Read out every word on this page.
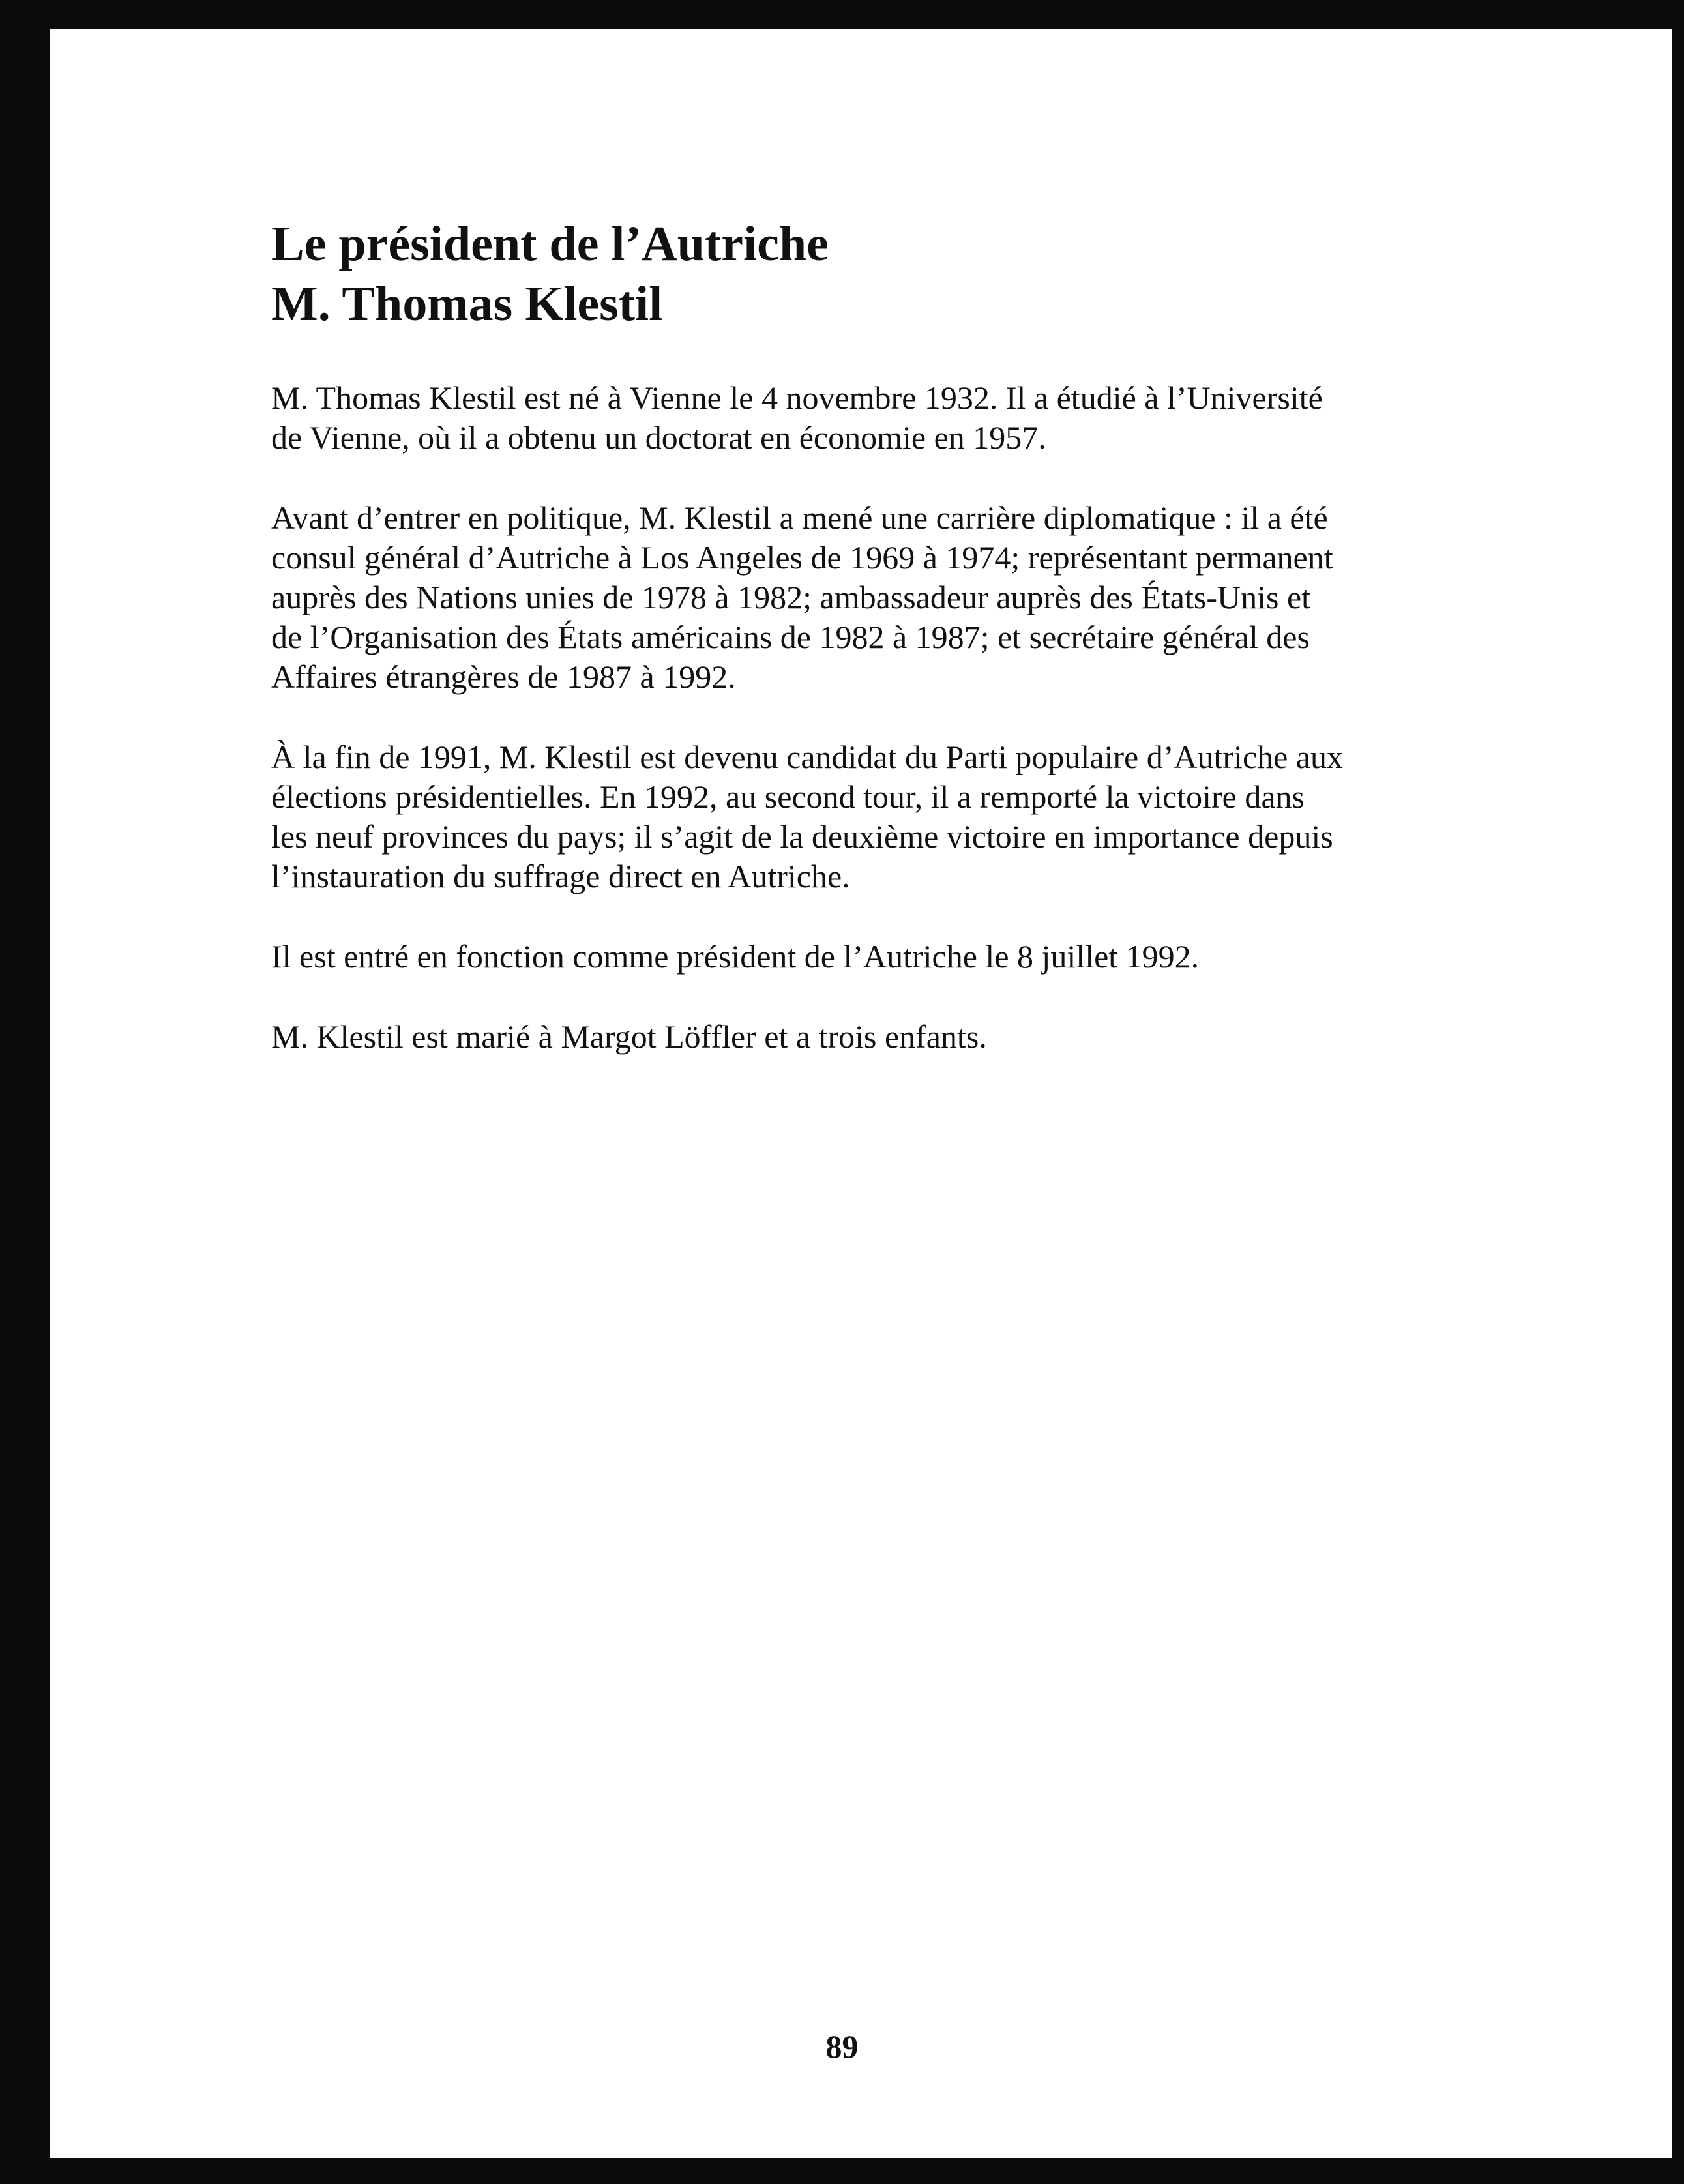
Le président de l’Autriche
M. Thomas Klestil

M. Thomas Klestil est né à Vienne le 4 novembre 1932. Il a étudié à l’Université
de Vienne, où il a obtenu un doctorat en économie en 1957.

Avant d’entrer en politique, M. Klestil a mené une carrière diplomatique : il a été
consul général d’Autriche à Los Angeles de 1969 à 1974; représentant permanent
auprès des Nations unies de 1978 à 1982; ambassadeur auprès des États-Unis et
de l’Organisation des États américains de 1982 à 1987; et secrétaire général des
Affaires étrangères de 1987 à 1992.

À la fin de 1991, M. Klestil est devenu candidat du Parti populaire d’Autriche aux
élections présidentielles. En 1992, au second tour, il a remporté la victoire dans
les neuf provinces du pays; il s’agit de la deuxième victoire en importance depuis
l’instauration du suffrage direct en Autriche.

Il est entré en fonction comme président de l’Autriche le 8 juillet 1992.

M. Klestil est marié à Margot Löffler et a trois enfants.

89
